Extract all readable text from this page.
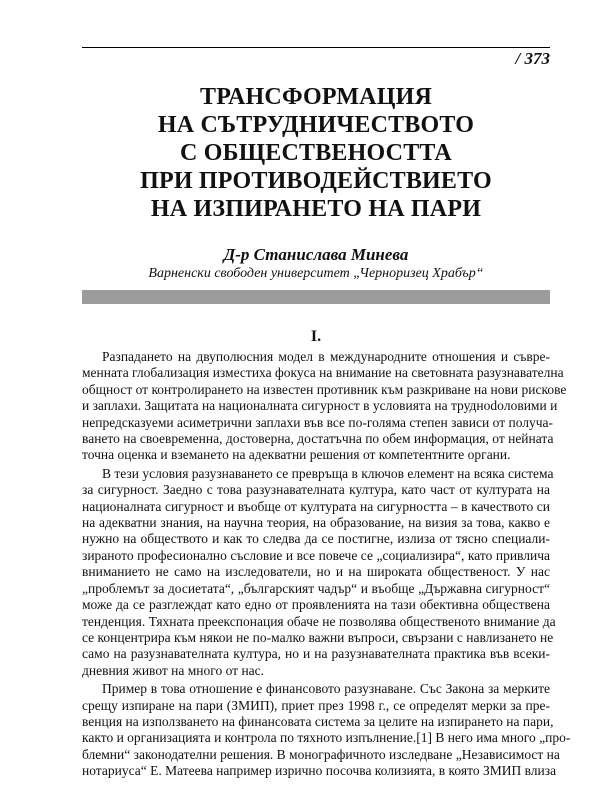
/ 373
ТРАНСФОРМАЦИЯ
НА СЪТРУДНИЧЕСТВОТО
С ОБЩЕСТВЕНОСТТА
ПРИ ПРОТИВОДЕЙСТВИЕТО
НА ИЗПИРАНЕТО НА ПАРИ
Д-р Станислава Минева
Варненски свободен университет „Черноризец Храбър“
I.

Разпадането на двуполюсния модел в международните отношения и съвре-
менната глобализация изместиха фокуса на вниманиe на световната разузнавателна
общност от контролирането на известен противник към разкриване на нови рискове
и заплахи. Защитата на националната сигурност в условията на трудноdoловими и
непредсказуеми асиметрични заплахи във все по-голяма степен зависи от получа-
ването на своевременна, достоверна, достатъчна по обем информация, от нейната
точна оценка и вземането на адекватни решения от компетентните органи.

В тези условия разузнаването се превръща в ключов елемент на всяка система
за сигурност. Заедно с това разузнавателната култура, като част от културата на
националната сигурност и въобще от културата на сигурността – в качеството си
на адекватни знания, на научна теория, на образование, на визия за това, какво е
нужно на обществото и как то следва да се постигне, излиза от тясно специали-
зираното професионално съсловие и все повече се „социализира“, като привлича
вниманието не само на изследователи, но и на широката общественост. У нас
„проблемът за досиетата“, „българският чадър“ и въобще „Държавна сигурност“
може да се разглеждат като едно от проявленията на тази обективна обществена
тенденция. Тяхната преекспонация обаче не позволява общественото внимание да
се концентрира към някои не по-малко важни въпроси, свързани с навлизането не
само на разузнавателната култура, но и на разузнавателната практика във всеки-
дневния живот на много от нас.

Пример в това отношение е финансовото разузнаване. Със Закона за мерките
срещу изпиране на пари (ЗМИП), приет през 1998 г., се определят мерки за пре-
венция на използването на финансовата система за целите на изпирането на пари,
както и организацията и контрола по тяхното изпълнение.[1] В него има много „про-
блемни“ законодателни решения. В монографичното изследване „Независимост на
нотариуса“ Е. Матеева например изрично посочва колизията, в която ЗМИП влиза
